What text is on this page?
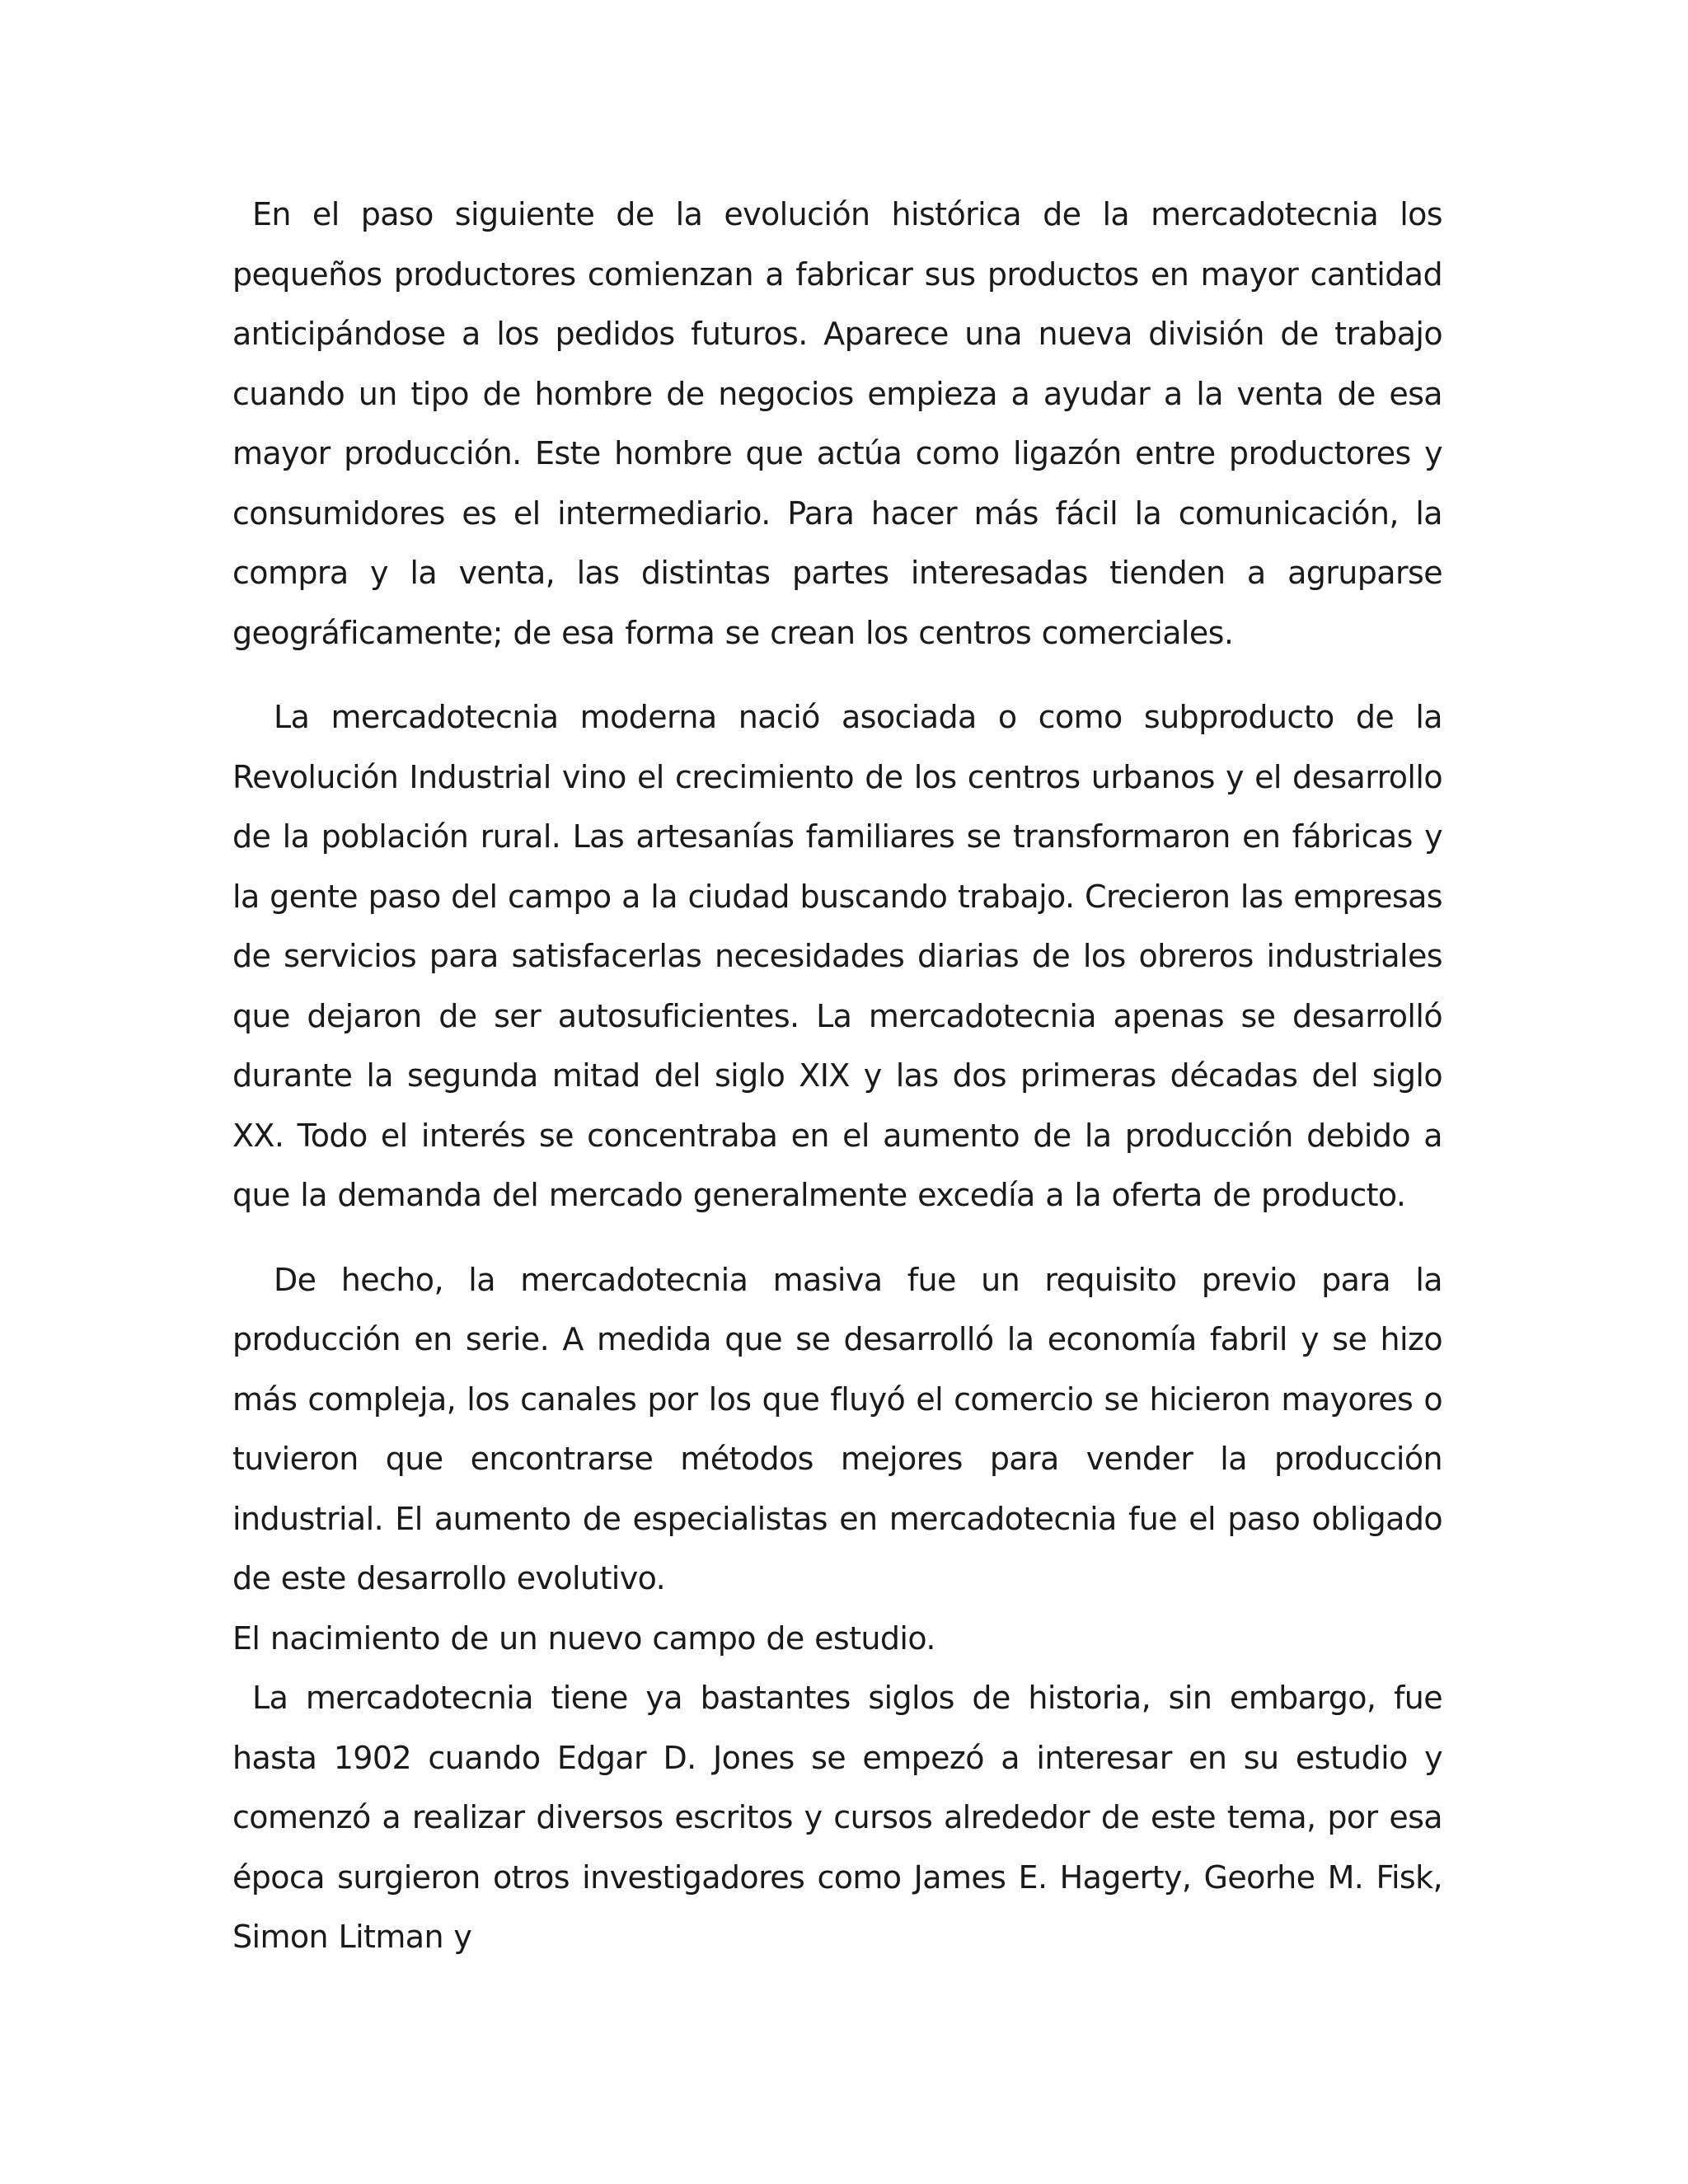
En el paso siguiente de la evolución histórica de la mercadotecnia los pequeños productores comienzan a fabricar sus productos en mayor cantidad anticipándose a los pedidos futuros. Aparece una nueva división de trabajo cuando un tipo de hombre de negocios empieza a ayudar a la venta de esa mayor producción. Este hombre que actúa como ligazón entre productores y consumidores es el intermediario. Para hacer más fácil la comunicación, la compra y la venta, las distintas partes interesadas tienden a agruparse geográficamente; de esa forma se crean los centros comerciales.

La mercadotecnia moderna nació asociada o como subproducto de la Revolución Industrial vino el crecimiento de los centros urbanos y el desarrollo de la población rural. Las artesanías familiares se transformaron en fábricas y la gente paso del campo a la ciudad buscando trabajo. Crecieron las empresas de servicios para satisfacerlas necesidades diarias de los obreros industriales que dejaron de ser autosuficientes. La mercadotecnia apenas se desarrolló durante la segunda mitad del siglo XIX y las dos primeras décadas del siglo XX. Todo el interés se concentraba en el aumento de la producción debido a que la demanda del mercado generalmente excedía a la oferta de producto.

De hecho, la mercadotecnia masiva fue un requisito previo para la producción en serie. A medida que se desarrolló la economía fabril y se hizo más compleja, los canales por los que fluyó el comercio se hicieron mayores o tuvieron que encontrarse métodos mejores para vender la producción industrial. El aumento de especialistas en mercadotecnia fue el paso obligado de este desarrollo evolutivo.

El nacimiento de un nuevo campo de estudio.

La mercadotecnia tiene ya bastantes siglos de historia, sin embargo, fue hasta 1902 cuando Edgar D. Jones se empezó a interesar en su estudio y comenzó a realizar diversos escritos y cursos alrededor de este tema, por esa época surgieron otros investigadores como James E. Hagerty, Georhe M. Fisk, Simon Litman y
